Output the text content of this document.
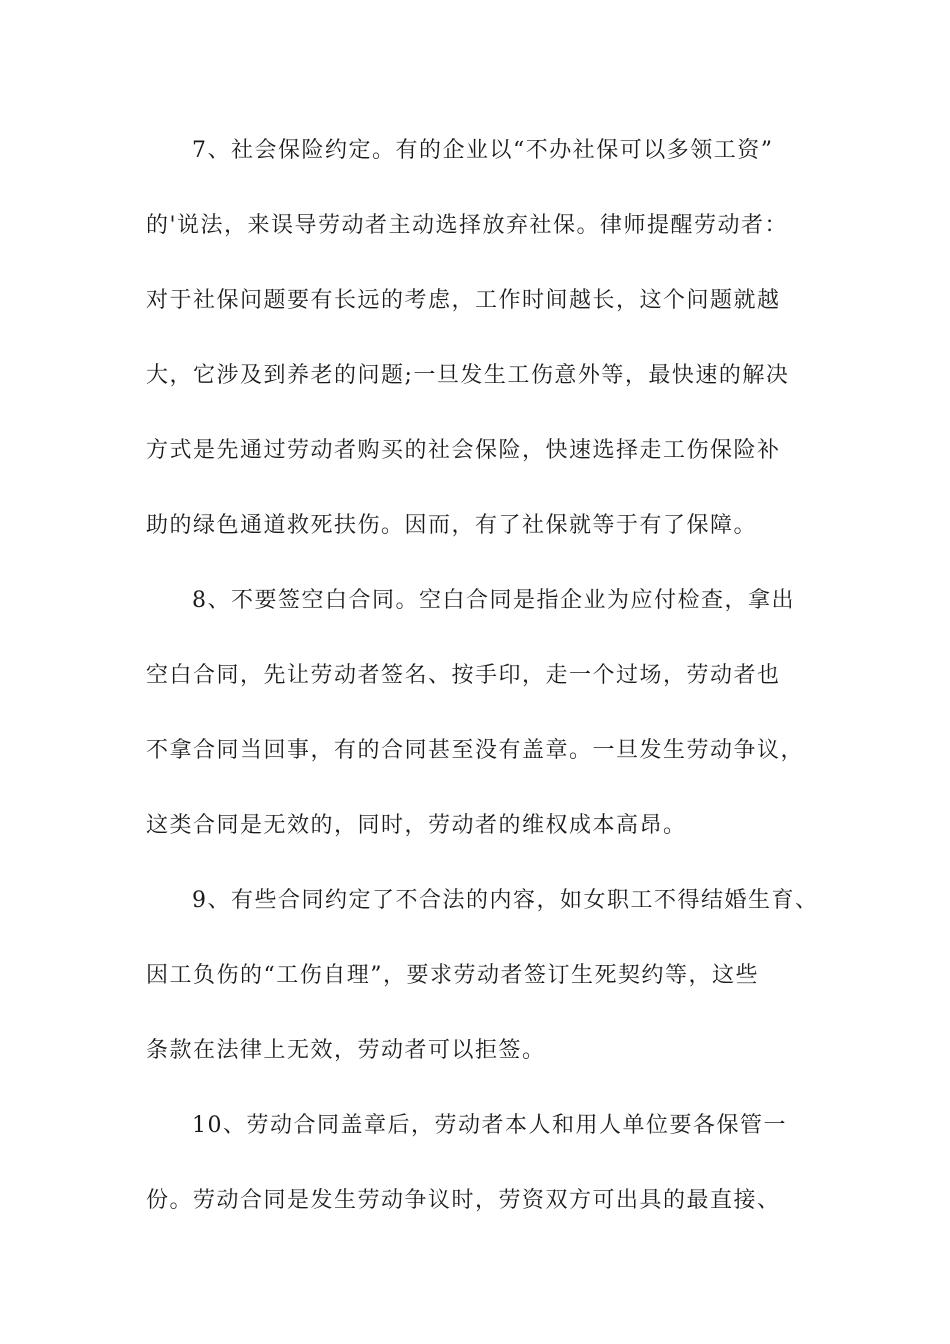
7、社会保险约定。有的企业以“不办社保可以多领工资”
的'说法，来误导劳动者主动选择放弃社保。律师提醒劳动者：
对于社保问题要有长远的考虑，工作时间越长，这个问题就越
大，它涉及到养老的问题;一旦发生工伤意外等，最快速的解决
方式是先通过劳动者购买的社会保险，快速选择走工伤保险补
助的绿色通道救死扶伤。因而，有了社保就等于有了保障。
8、不要签空白合同。空白合同是指企业为应付检查，拿出
空白合同，先让劳动者签名、按手印，走一个过场，劳动者也
不拿合同当回事，有的合同甚至没有盖章。一旦发生劳动争议，
这类合同是无效的，同时，劳动者的维权成本高昂。
9、有些合同约定了不合法的内容，如女职工不得结婚生育、
因工负伤的“工伤自理”，要求劳动者签订生死契约等，这些
条款在法律上无效，劳动者可以拒签。
10、劳动合同盖章后，劳动者本人和用人单位要各保管一
份。劳动合同是发生劳动争议时，劳资双方可出具的最直接、
